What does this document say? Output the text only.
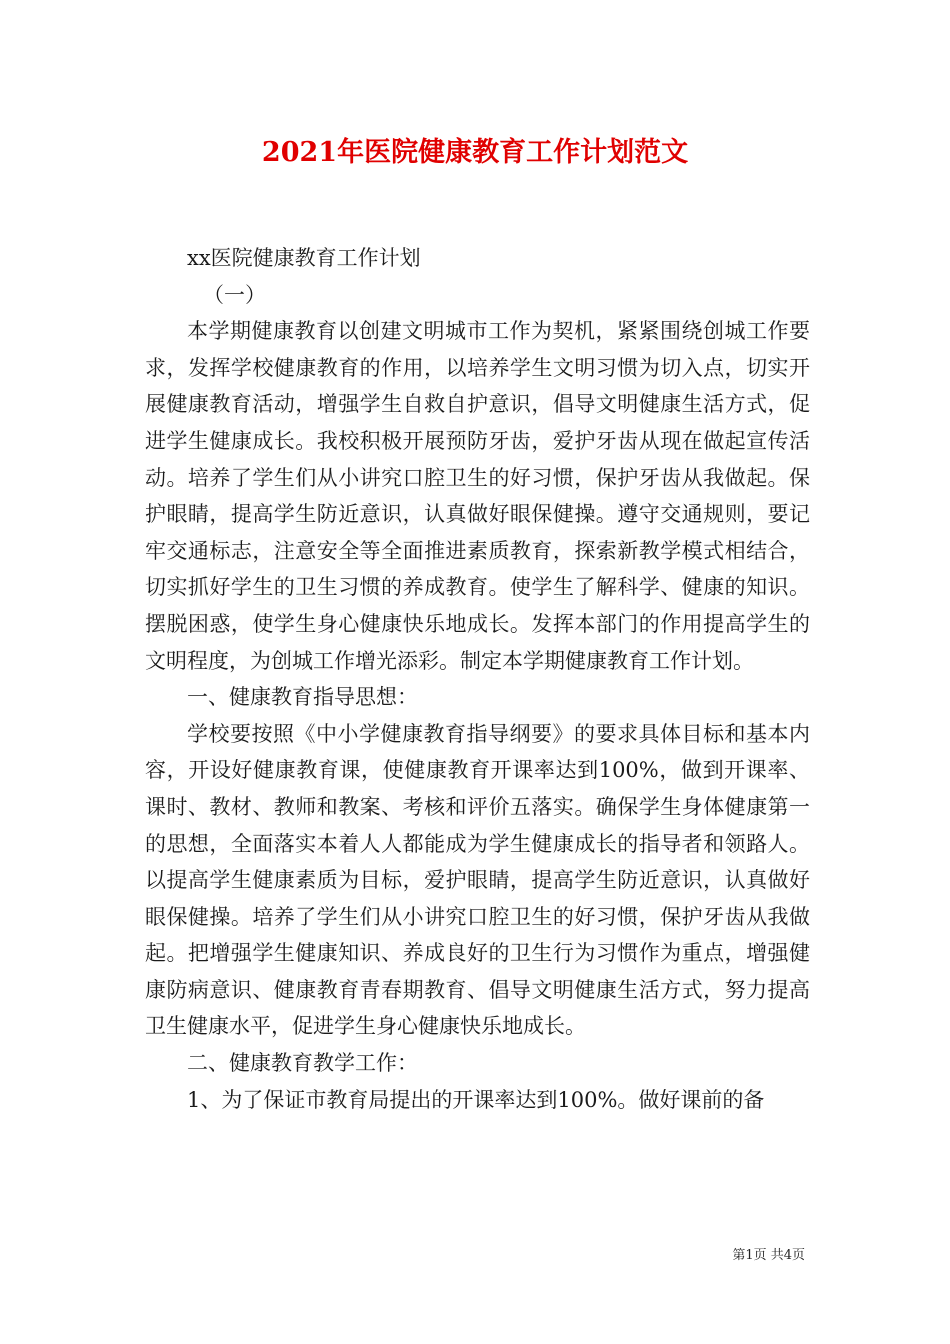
2021年医院健康教育工作计划范文

xx医院健康教育工作计划

（一）

本学期健康教育以创建文明城市工作为契机，紧紧围绕创城工作要求，发挥学校健康教育的作用，以培养学生文明习惯为切入点，切实开展健康教育活动，增强学生自救自护意识，倡导文明健康生活方式，促进学生健康成长。我校积极开展预防牙齿，爱护牙齿从现在做起宣传活动。培养了学生们从小讲究口腔卫生的好习惯，保护牙齿从我做起。保护眼睛，提高学生防近意识，认真做好眼保健操。遵守交通规则，要记牢交通标志，注意安全等全面推进素质教育，探索新教学模式相结合，切实抓好学生的卫生习惯的养成教育。使学生了解科学、健康的知识。摆脱困惑，使学生身心健康快乐地成长。发挥本部门的作用提高学生的文明程度，为创城工作增光添彩。制定本学期健康教育工作计划。

一、健康教育指导思想：

学校要按照《中小学健康教育指导纲要》的要求具体目标和基本内容，开设好健康教育课，使健康教育开课率达到100%，做到开课率、课时、教材、教师和教案、考核和评价五落实。确保学生身体健康第一的思想，全面落实本着人人都能成为学生健康成长的指导者和领路人。以提高学生健康素质为目标，爱护眼睛，提高学生防近意识，认真做好眼保健操。培养了学生们从小讲究口腔卫生的好习惯，保护牙齿从我做起。把增强学生健康知识、养成良好的卫生行为习惯作为重点，增强健康防病意识、健康教育青春期教育、倡导文明健康生活方式，努力提高卫生健康水平，促进学生身心健康快乐地成长。

二、健康教育教学工作：

1、为了保证市教育局提出的开课率达到100%。做好课前的备

第1页 共4页
